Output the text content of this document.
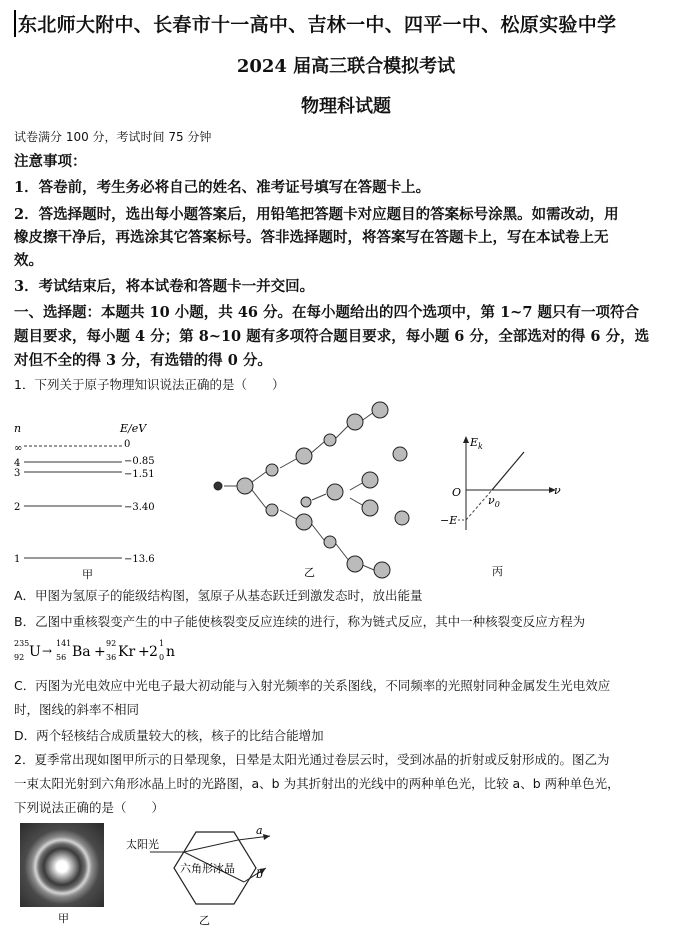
东北师大附中、长春市十一高中、吉林一中、四平一中、松原实验中学
2024 届高三联合模拟考试
物理科试题
试卷满分 100 分，考试时间 75 分钟
注意事项：
1．答卷前，考生务必将自己的姓名、准考证号填写在答题卡上。
2．答选择题时，选出每小题答案后，用铅笔把答题卡对应题目的答案标号涂黑。如需改动，用
橡皮擦干净后，再选涂其它答案标号。答非选择题时，将答案写在答题卡上，写在本试卷上无
效。
3．考试结束后，将本试卷和答题卡一并交回。
一、选择题：本题共 10 小题，共 46 分。在每小题给出的四个选项中，第 1~7 题只有一项符合
题目要求，每小题 4 分；第 8~10 题有多项符合题目要求，每小题 6 分，全部选对的得 6 分，选
对但不全的得 3 分，有选错的得 0 分。
1．下列关于原子物理知识说法正确的是（　　）
n	E/eV
∞
4
3
2
1
0
−0.85
−1.51
−3.40
−13.6
甲	乙
$E_k$
O
$\nu_0$
ν
−E
丙
A．甲图为氢原子的能级结构图，氢原子从基态跃迁到激发态时，放出能量
B．乙图中重核裂变产生的中子能使核裂变反应连续的进行，称为链式反应，其中一种核裂变反应方程为
235
92 U →
141
56 Ba +
92
36 Kr + 2
1
0 n
C．丙图为光电效应中光电子最大初动能与入射光频率的关系图线，不同频率的光照射同种金属发生光电效应
时，图线的斜率不相同
D．两个轻核结合成质量较大的核，核子的比结合能增加
2．夏季常出现如图甲所示的日晕现象，日晕是太阳光通过卷层云时，受到冰晶的折射或反射形成的。图乙为
一束太阳光射到六角形冰晶上时的光路图，a、b 为其折射出的光线中的两种单色光，比较 a、b 两种单色光，
下列说法正确的是（　　）
甲
太阳光
六角形冰晶
a
b
乙
